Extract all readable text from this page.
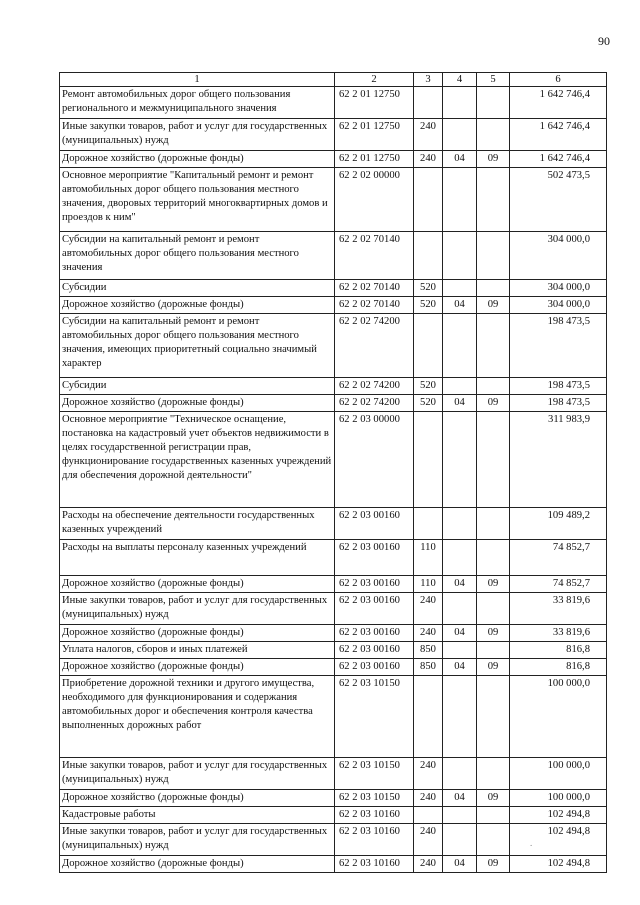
90
1	2	3	4	5	6
Ремонт автомобильных дорог общего пользования регионального и межмуниципального значения	62 2 01 12750				1 642 746,4
Иные закупки товаров, работ и услуг для государственных (муниципальных) нужд	62 2 01 12750	240			1 642 746,4
Дорожное хозяйство (дорожные фонды)	62 2 01 12750	240	04	09	1 642 746,4
Основное мероприятие "Капитальный ремонт и ремонт автомобильных дорог общего пользования местного значения, дворовых территорий многоквартирных домов и проездов к ним"	62 2 02 00000				502 473,5
Субсидии на капитальный ремонт и ремонт автомобильных дорог общего пользования местного значения	62 2 02 70140				304 000,0
Субсидии	62 2 02 70140	520			304 000,0
Дорожное хозяйство (дорожные фонды)	62 2 02 70140	520	04	09	304 000,0
Субсидии на капитальный ремонт и ремонт автомобильных дорог общего пользования местного значения, имеющих приоритетный социально значимый характер	62 2 02 74200				198 473,5
Субсидии	62 2 02 74200	520			198 473,5
Дорожное хозяйство (дорожные фонды)	62 2 02 74200	520	04	09	198 473,5
Основное мероприятие "Техническое оснащение, постановка на кадастровый учет объектов недвижимости в целях государственной регистрации прав, функционирование государственных казенных учреждений для обеспечения дорожной деятельности"	62 2 03 00000				311 983,9
Расходы на обеспечение деятельности государственных казенных учреждений	62 2 03 00160				109 489,2
Расходы на выплаты персоналу казенных учреждений	62 2 03 00160	110			74 852,7
Дорожное хозяйство (дорожные фонды)	62 2 03 00160	110	04	09	74 852,7
Иные закупки товаров, работ и услуг для государственных (муниципальных) нужд	62 2 03 00160	240			33 819,6
Дорожное хозяйство (дорожные фонды)	62 2 03 00160	240	04	09	33 819,6
Уплата налогов, сборов и иных платежей	62 2 03 00160	850			816,8
Дорожное хозяйство (дорожные фонды)	62 2 03 00160	850	04	09	816,8
Приобретение дорожной техники и другого имущества, необходимого для функционирования и содержания автомобильных дорог и обеспечения контроля качества выполненных дорожных работ	62 2 03 10150				100 000,0
Иные закупки товаров, работ и услуг для государственных (муниципальных) нужд	62 2 03 10150	240			100 000,0
Дорожное хозяйство (дорожные фонды)	62 2 03 10150	240	04	09	100 000,0
Кадастровые работы	62 2 03 10160				102 494,8
Иные закупки товаров, работ и услуг для государственных (муниципальных) нужд	62 2 03 10160	240			102 494,8
Дорожное хозяйство (дорожные фонды)	62 2 03 10160	240	04	09	102 494,8
.
